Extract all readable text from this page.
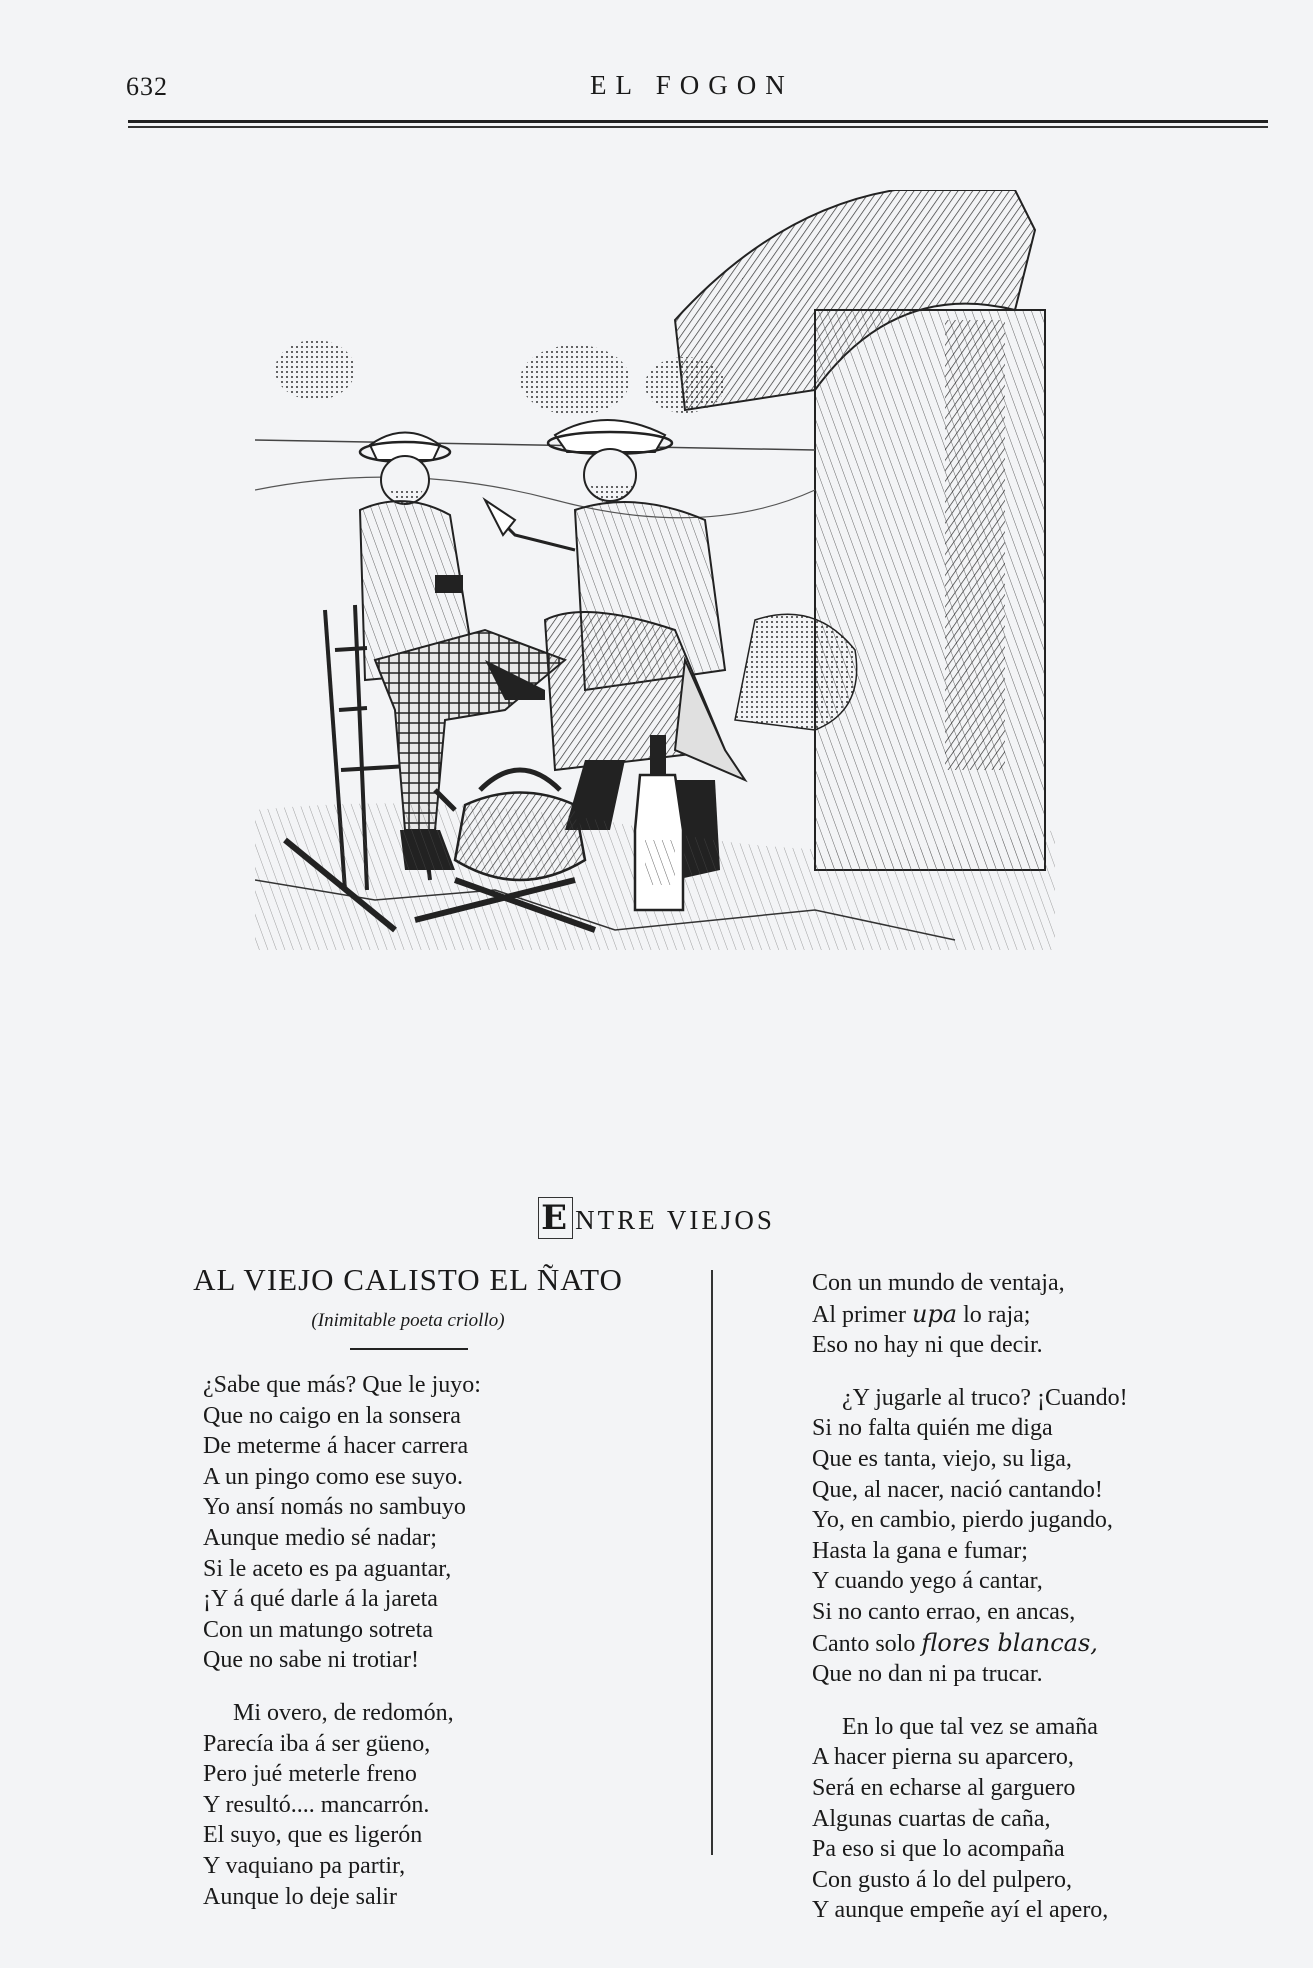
632	EL FOGON
E NTRE VIEJOS
AL VIEJO CALISTO EL ÑATO
(Inimitable poeta criollo)
¿Sabe que más? Que le juyo:
Que no caigo en la sonsera
De meterme á hacer carrera
A un pingo como ese suyo.
Yo ansí nomás no sambuyo
Aunque medio sé nadar;
Si le aceto es pa aguantar,
¡Y á qué darle á la jareta
Con un matungo sotreta
Que no sabe ni trotiar!
Mi overo, de redomón,
Parecía iba á ser güeno,
Pero jué meterle freno
Y resultó.... mancarrón.
El suyo, que es ligerón
Y vaquiano pa partir,
Aunque lo deje salir
Con un mundo de ventaja,
Al primer upa lo raja;
Eso no hay ni que decir.
¿Y jugarle al truco? ¡Cuando!
Si no falta quién me diga
Que es tanta, viejo, su liga,
Que, al nacer, nació cantando!
Yo, en cambio, pierdo jugando,
Hasta la gana e fumar;
Y cuando yego á cantar,
Si no canto errao, en ancas,
Canto solo flores blancas,
Que no dan ni pa trucar.
En lo que tal vez se amaña
A hacer pierna su aparcero,
Será en echarse al garguero
Algunas cuartas de caña,
Pa eso si que lo acompaña
Con gusto á lo del pulpero,
Y aunque empeñe ayí el apero,
